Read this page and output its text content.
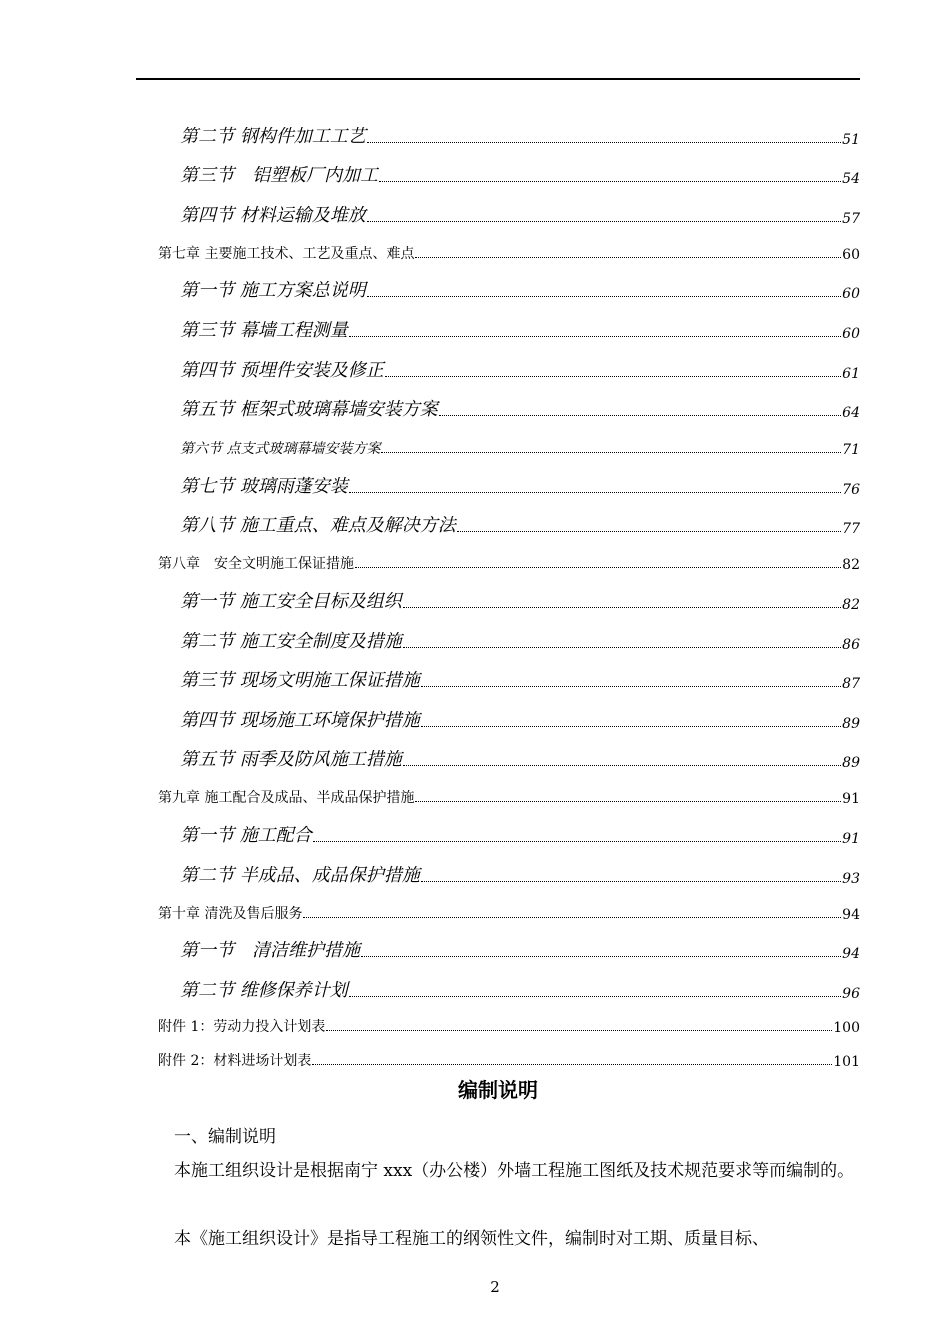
第二节 钢构件加工工艺	51
第三节　铝塑板厂内加工	54
第四节 材料运输及堆放	57
第七章 主要施工技术、工艺及重点、难点	60
第一节 施工方案总说明	60
第三节 幕墙工程测量	60
第四节 预埋件安装及修正	61
第五节 框架式玻璃幕墙安装方案	64
第六节 点支式玻璃幕墙安装方案	71
第七节 玻璃雨蓬安装	76
第八节 施工重点、难点及解决方法	77
第八章　安全文明施工保证措施	82
第一节 施工安全目标及组织	82
第二节 施工安全制度及措施	86
第三节 现场文明施工保证措施	87
第四节 现场施工环境保护措施	89
第五节 雨季及防风施工措施	89
第九章 施工配合及成品、半成品保护措施	91
第一节 施工配合	91
第二节 半成品、成品保护措施	93
第十章 清洗及售后服务	94
第一节　清洁维护措施	94
第二节 维修保养计划	96
附件 1：劳动力投入计划表	100
附件 2：材料进场计划表	101
编制说明
一、编制说明
本施工组织设计是根据南宁 xxx（办公楼）外墙工程施工图纸及技术规范要求等而编制的。
本《施工组织设计》是指导工程施工的纲领性文件，编制时对工期、质量目标、
2
